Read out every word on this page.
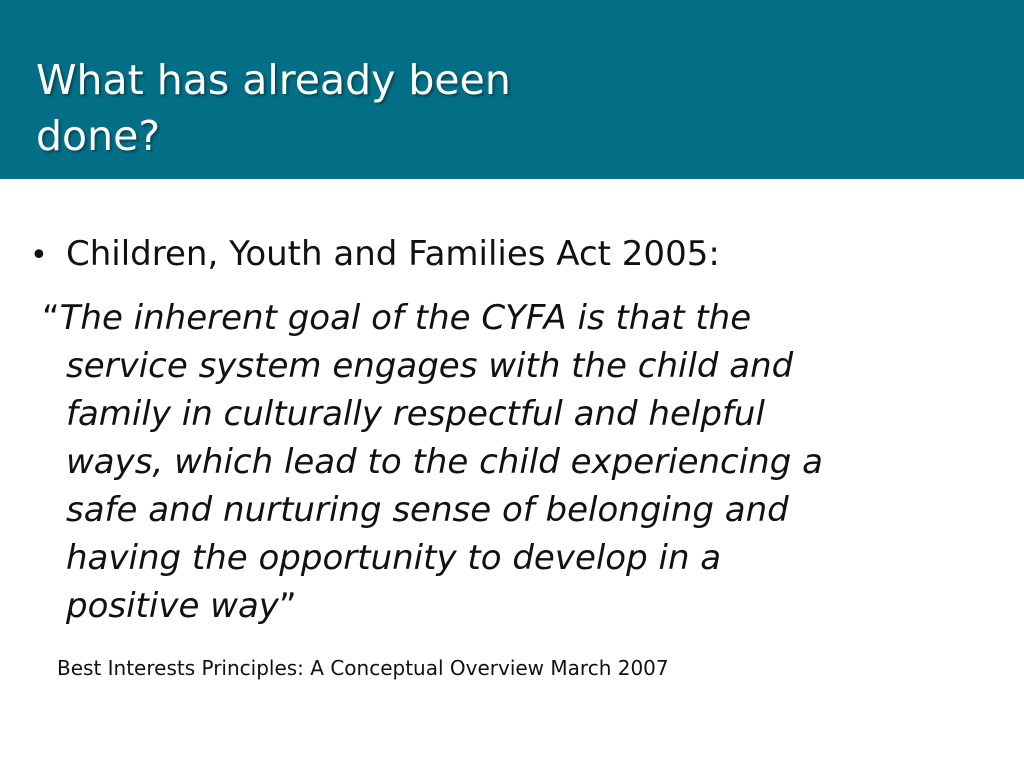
What has already been
done?
• Children, Youth and Families Act 2005:
“The inherent goal of the CYFA is that the
service system engages with the child and
family in culturally respectful and helpful
ways, which lead to the child experiencing a
safe and nurturing sense of belonging and
having the opportunity to develop in a
positive way”
Best Interests Principles: A Conceptual Overview March 2007
